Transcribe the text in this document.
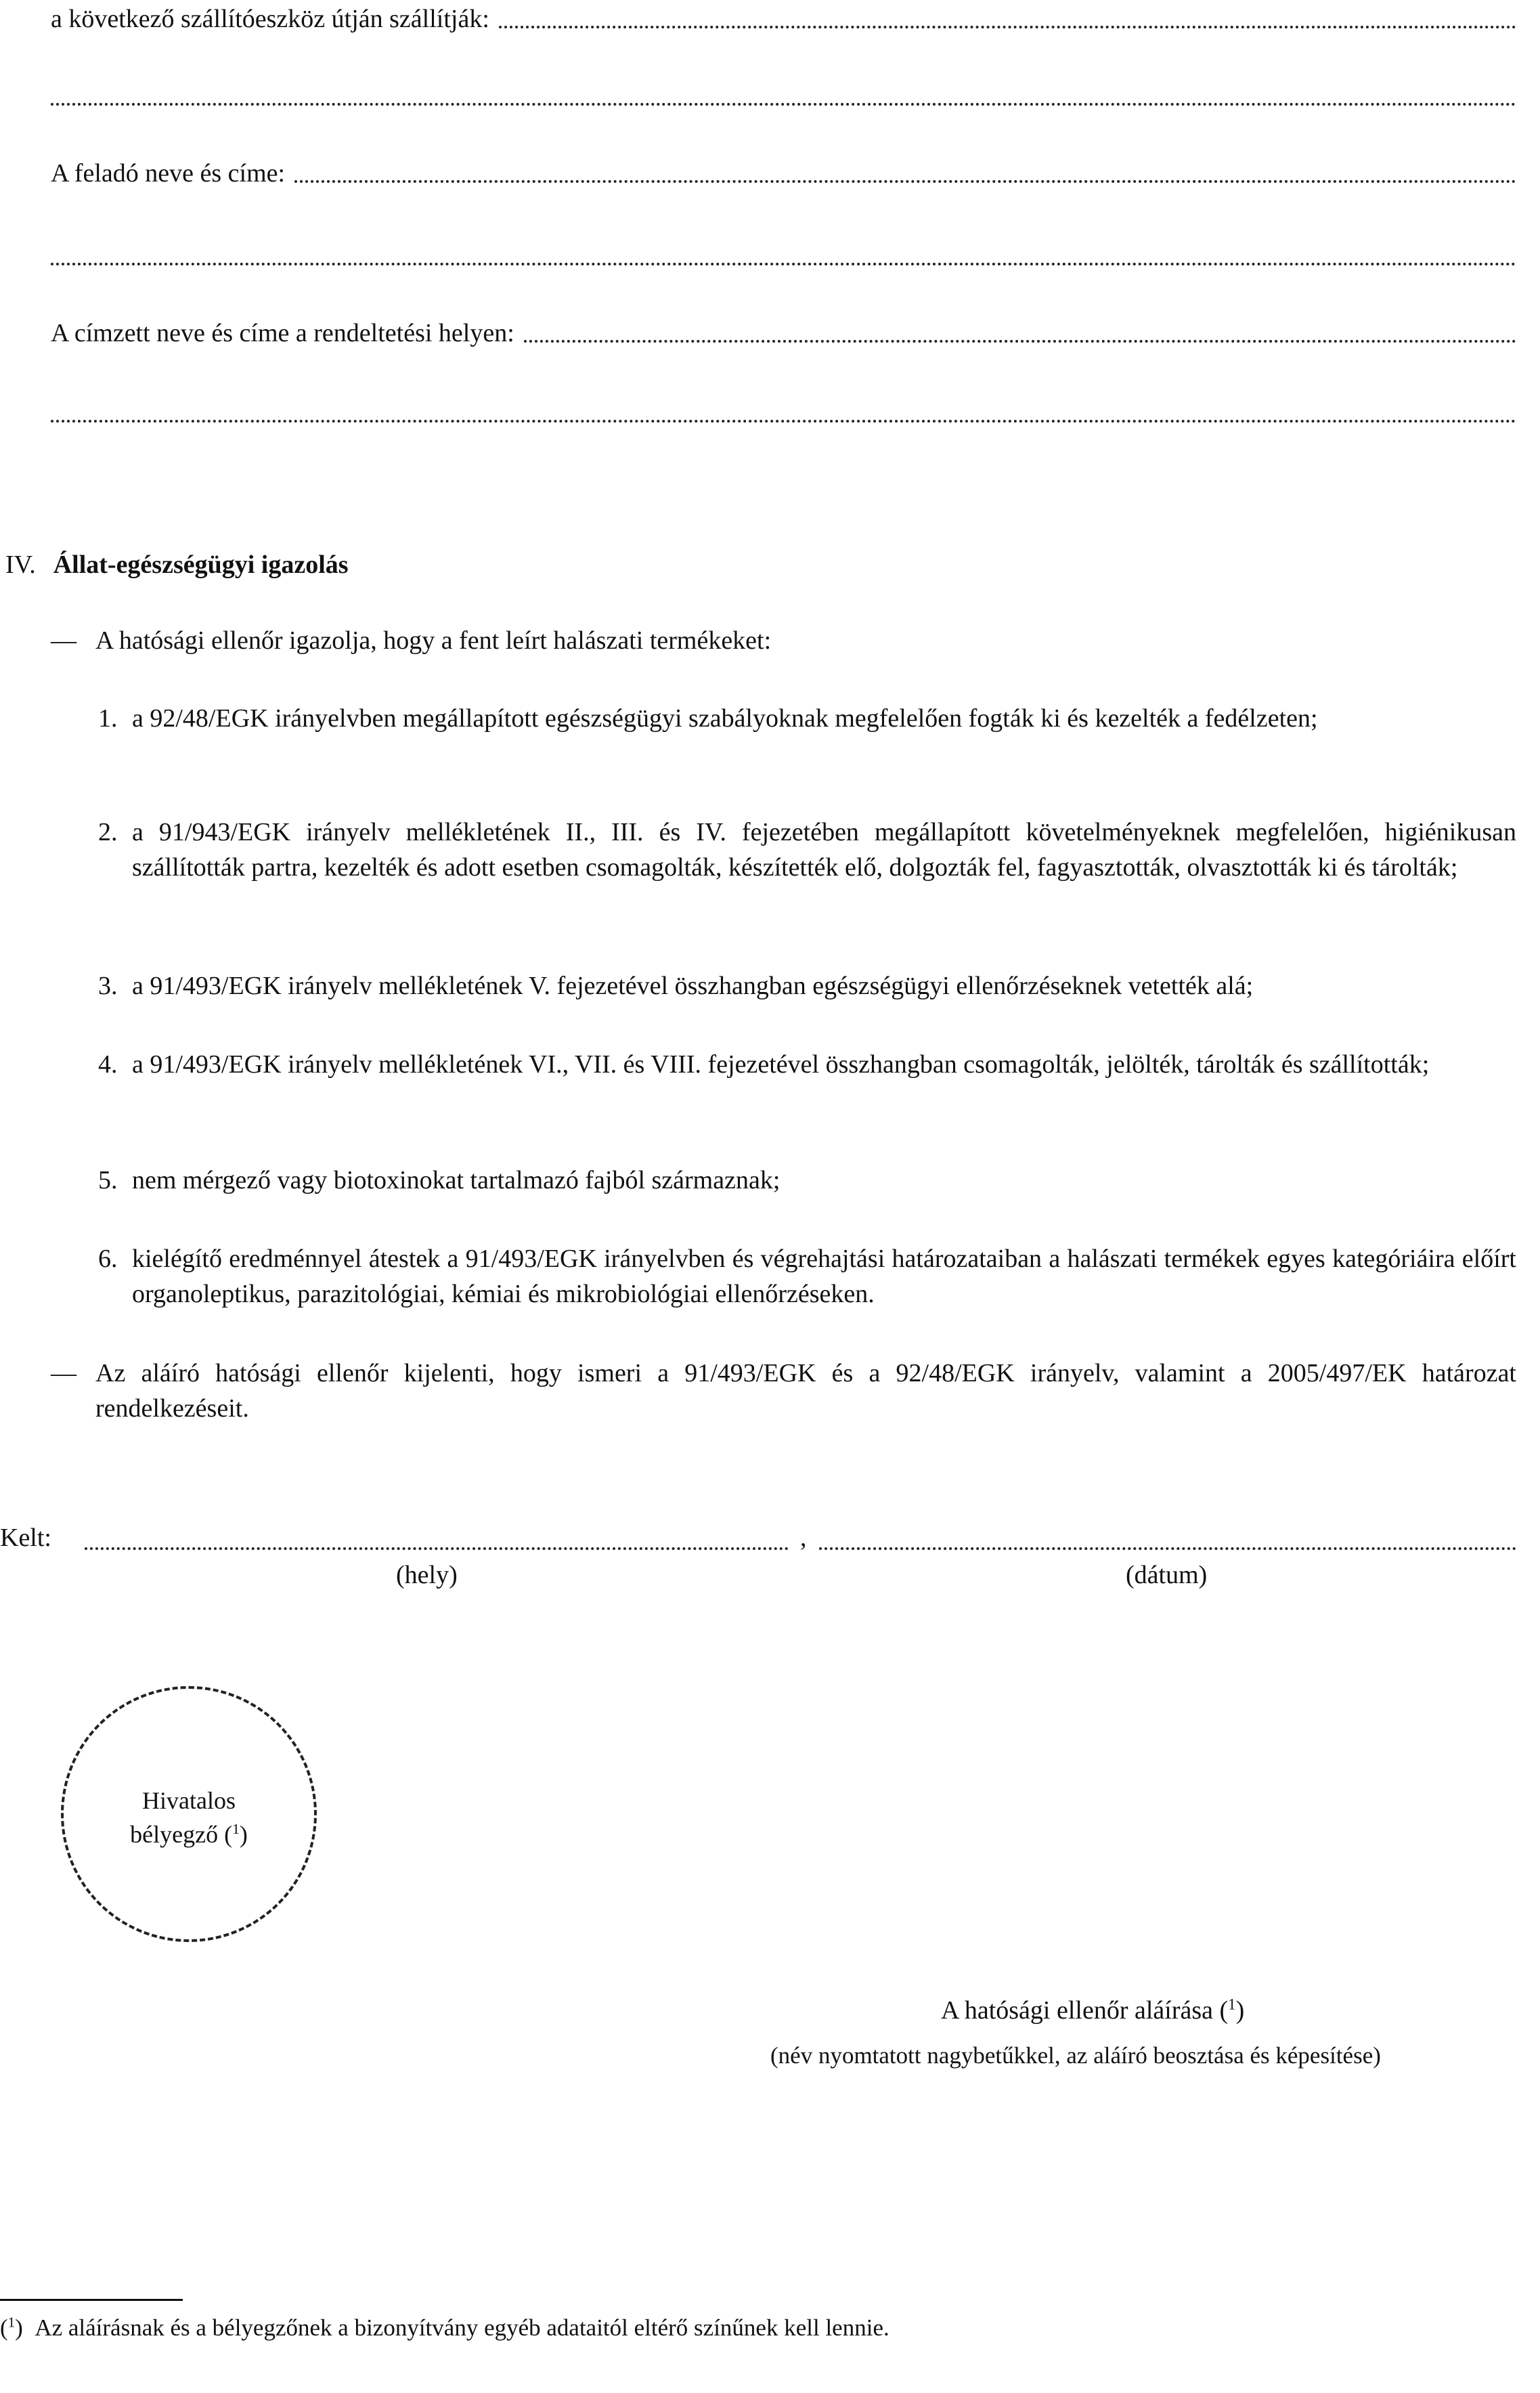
a következő szállítóeszköz útján szállítják:
A feladó neve és címe:
A címzett neve és címe a rendeltetési helyen:
IV. Állat-egészségügyi igazolás
— A hatósági ellenőr igazolja, hogy a fent leírt halászati termékeket:
1. a 92/48/EGK irányelvben megállapított egészségügyi szabályoknak megfelelően fogták ki és kezelték a fedélzeten;
2. a 91/943/EGK irányelv mellékletének II., III. és IV. fejezetében megállapított követelményeknek megfelelően, higiénikusan szállították partra, kezelték és adott esetben csomagolták, készítették elő, dolgozták fel, fagyasztották, olvasztották ki és tárolták;
3. a 91/493/EGK irányelv mellékletének V. fejezetével összhangban egészségügyi ellenőrzéseknek vetették alá;
4. a 91/493/EGK irányelv mellékletének VI., VII. és VIII. fejezetével összhangban csomagolták, jelölték, tárolták és szállították;
5. nem mérgező vagy biotoxinokat tartalmazó fajból származnak;
6. kielégítő eredménnyel átestek a 91/493/EGK irányelvben és végrehajtási határozataiban a halászati termékek egyes kategóriáira előírt organoleptikus, parazitológiai, kémiai és mikrobiológiai ellenőrzéseken.
— Az aláíró hatósági ellenőr kijelenti, hogy ismeri a 91/493/EGK és a 92/48/EGK irányelv, valamint a 2005/497/EK határozat rendelkezéseit.
Kelt:	,
(hely)	(dátum)
Hivatalos
bélyegző ($^1$)
A hatósági ellenőr aláírása ($^1$)
(név nyomtatott nagybetűkkel, az aláíró beosztása és képesítése)
($^1$) Az aláírásnak és a bélyegzőnek a bizonyítvány egyéb adataitól eltérő színűnek kell lennie.
